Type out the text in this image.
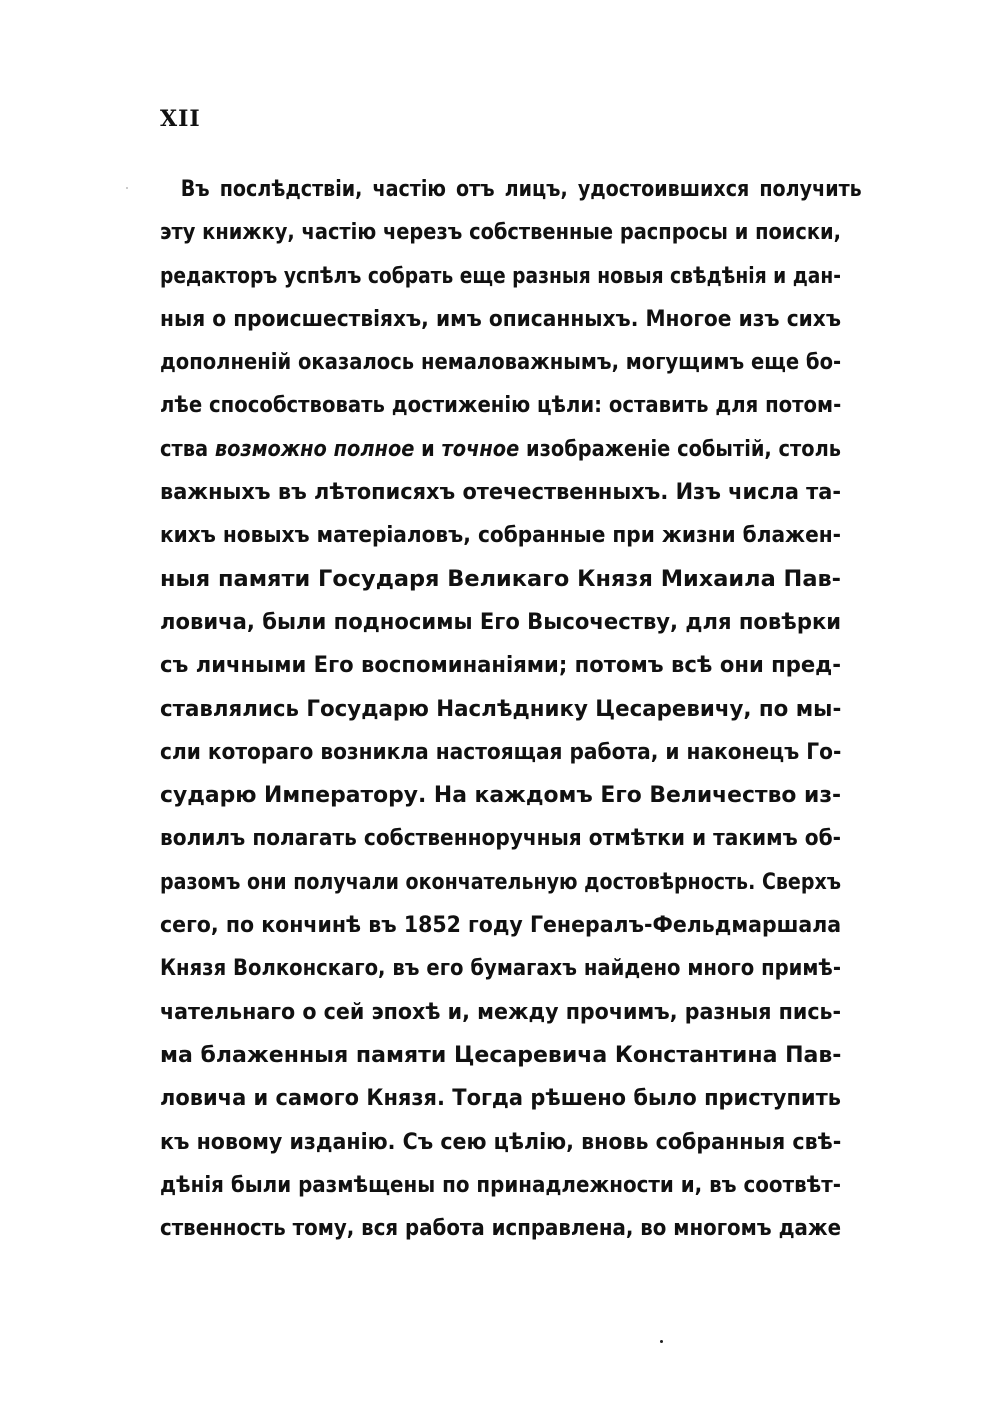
XII
Въ послѣдствіи, частію отъ лицъ, удостоившихся получить
эту книжку, частію черезъ собственные распросы и поиски,
редакторъ успѣлъ собрать еще разныя новыя свѣдѣнія и дан-
ныя о происшествіяхъ, имъ описанныхъ. Многое изъ сихъ
дополненій оказалось немаловажнымъ, могущимъ еще бо-
лѣе способствовать достиженію цѣли: оставить для потом-
ства возможно полное и точное изображеніе событій, столь
важныхъ въ лѣтописяхъ отечественныхъ. Изъ числа та-
кихъ новыхъ матеріаловъ, собранные при жизни блажен-
ныя памяти Государя Великаго Князя Михаила Пав-
ловича, были подносимы Его Высочеству, для повѣрки
съ личными Его воспоминаніями; потомъ всѣ они пред-
ставлялись Государю Наслѣднику Цесаревичу, по мы-
сли котораго возникла настоящая работа, и наконецъ Го-
сударю Императору. На каждомъ Его Величество из-
волилъ полагать собственноручныя отмѣтки и такимъ об-
разомъ они получали окончательную достовѣрность. Сверхъ
сего, по кончинѣ въ 1852 году Генералъ-Фельдмаршала
Князя Волконскаго, въ его бумагахъ найдено много примѣ-
чательнаго о сей эпохѣ и, между прочимъ, разныя пись-
ма блаженныя памяти Цесаревича Константина Пав-
ловича и самого Князя. Тогда рѣшено было приступить
къ новому изданію. Съ сею цѣлію, вновь собранныя свѣ-
дѣнія были размѣщены по принадлежности и, въ соотвѣт-
ственность тому, вся работа исправлена, во многомъ даже
